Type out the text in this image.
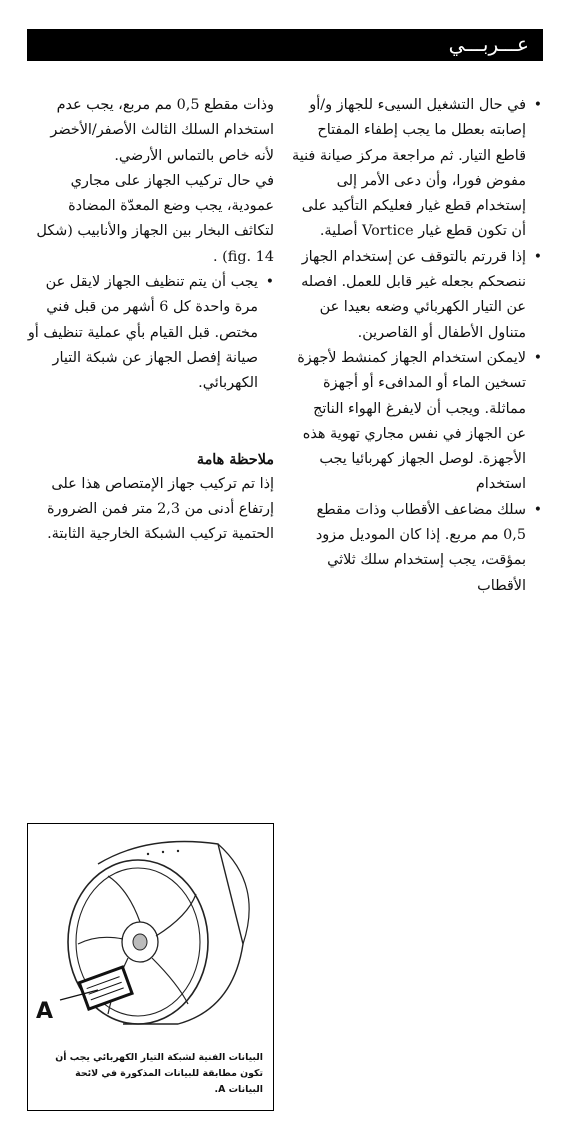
عـــربـــي

• في حال التشغيل السيىء للجهاز و/أو إصابته بعطل ما يجب إطفاء المفتاح قاطع التيار. ثم مراجعة مركز صيانة فنية مفوض فورا، وأن دعى الأمر إلى إستخدام قطع غيار فعليكم التأكيد على أن تكون قطع غيار Vortice أصلية.

• إذا قررتم بالتوقف عن إستخدام الجهاز ننصحكم بجعله غير قابل للعمل. افصله عن التيار الكهربائي وضعه بعيدا عن متناول الأطفال أو القاصرين.

• لايمكن استخدام الجهاز كمنشط لأجهزة تسخين الماء أو المدافىء أو أجهزة مماثلة. ويجب أن لايفرغ الهواء الناتج عن الجهاز في نفس مجاري تهوية هذه الأجهزة. لوصل الجهاز كهربائيا يجب استخدام

• سلك مضاعف الأقطاب وذات مقطع 0,5 مم مربع. إذا كان الموديل مزود بمؤقت، يجب إستخدام سلك ثلاثي الأقطاب

وذات مقطع 0,5 مم مربع، يجب عدم استخدام السلك الثالث الأصفر/الأخضر لأنه خاص بالتماس الأرضي.

في حال تركيب الجهاز على مجاري عمودية، يجب وضع المعدّة المضادة لتكاثف البخار بين الجهاز والأنابيب (شكل fig. 14) .

• يجب أن يتم تنظيف الجهاز لايقل عن مرة واحدة كل 6 أشهر من قبل فني مختص. قبل القيام بأي عملية تنظيف أو صيانة إفصل الجهاز عن شبكة التيار الكهربائي.

ملاحظة هامة

إذا تم تركيب جهاز الإمتصاص هذا على إرتفاع أدنى من 2,3 متر فمن الضرورة الحتمية تركيب الشبكة الخارجية الثابتة.

A
البيانات الفنية لشبكة التيار الكهربائي يجب أن تكون مطابقة للبيانات المذكورة في لائحة البيانات A.
